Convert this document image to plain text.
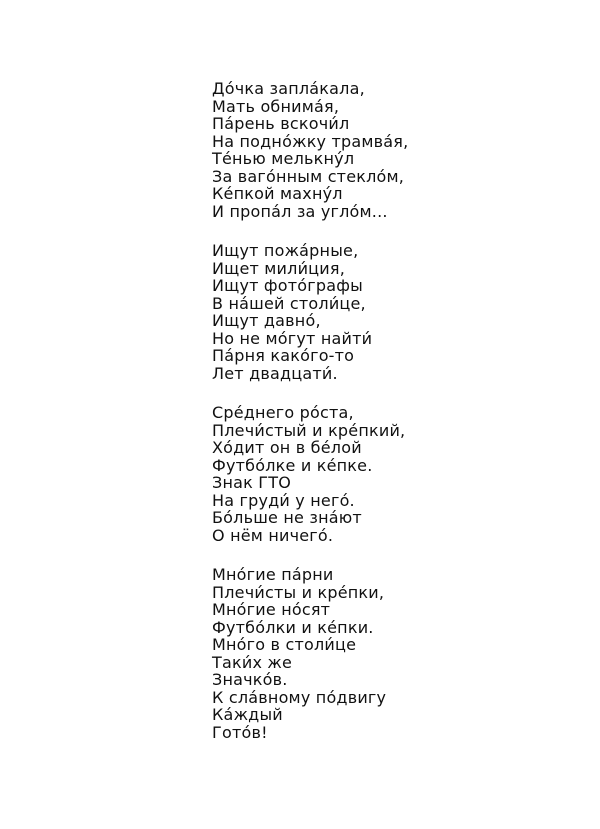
До́чка запла́кала,
Мать обнима́я,
Па́рень вскочи́л
На подно́жку трамва́я,
Те́нью мелькну́л
За ваго́нным стекло́м,
Ке́пкой махну́л
И пропа́л за угло́м...
Ищут пожа́рные,
Ищет мили́ция,
Ищут фото́графы
В на́шей столи́це,
Ищут давно́,
Но не мо́гут найти́
Па́рня како́го-то
Лет двадцати́.
Сре́днего ро́ста,
Плечи́стый и кре́пкий,
Хо́дит он в бе́лой
Футбо́лке и ке́пке.
Знак ГТО
На груди́ у него́.
Бо́льше не зна́ют
О нём ничего́.
Мно́гие па́рни
Плечи́сты и кре́пки,
Мно́гие но́сят
Футбо́лки и ке́пки.
Мно́го в столи́це
Таки́х же
Значко́в.
К сла́вному по́двигу
Ка́ждый
Гото́в!
